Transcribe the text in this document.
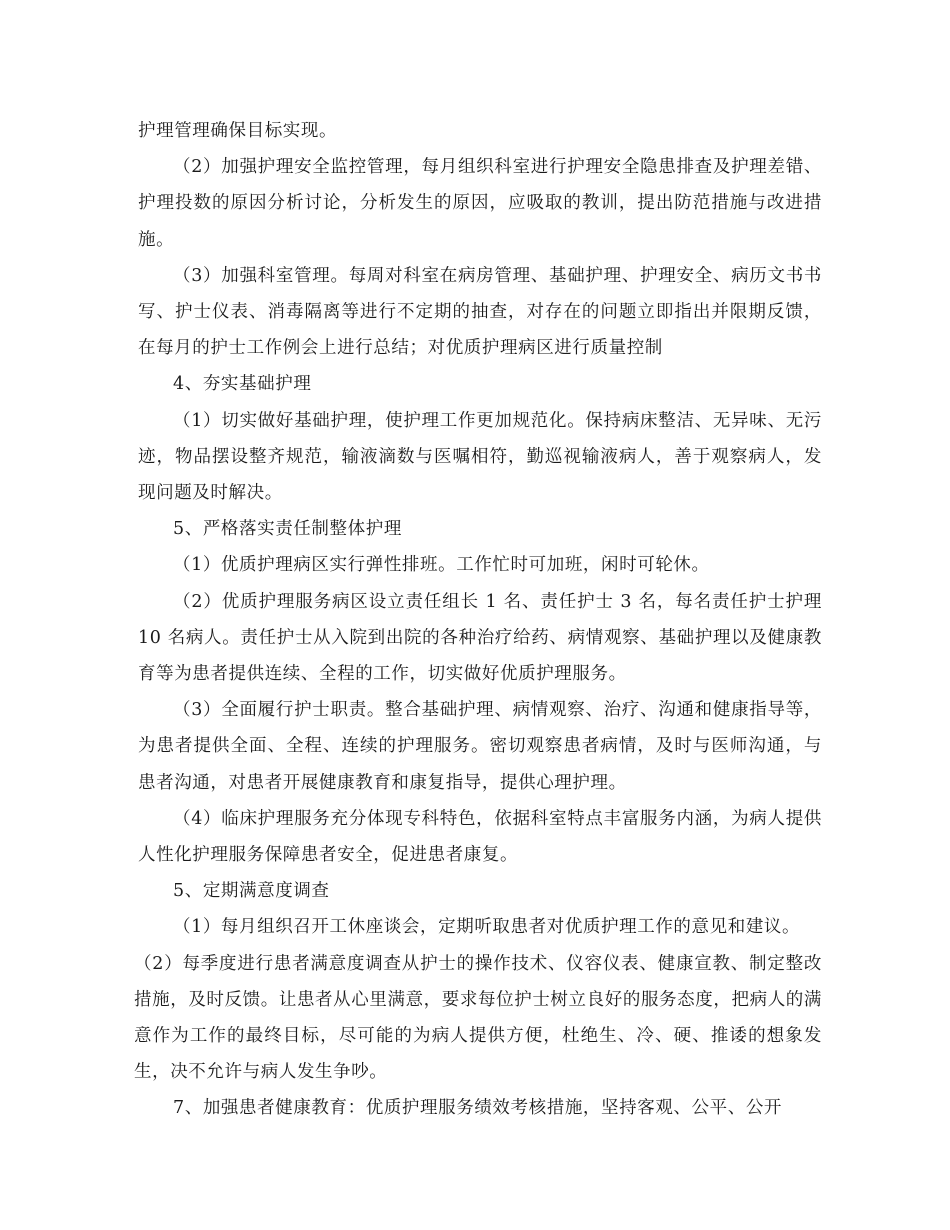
护理管理确保目标实现。

（2）加强护理安全监控管理，每月组织科室进行护理安全隐患排查及护理差错、护理投数的原因分析讨论，分析发生的原因，应吸取的教训，提出防范措施与改进措施。

（3）加强科室管理。每周对科室在病房管理、基础护理、护理安全、病历文书书写、护士仪表、消毒隔离等进行不定期的抽查，对存在的问题立即指出并限期反馈，在每月的护士工作例会上进行总结；对优质护理病区进行质量控制

4、夯实基础护理

（1）切实做好基础护理，使护理工作更加规范化。保持病床整洁、无异味、无污迹，物品摆设整齐规范，输液滴数与医嘱相符，勤巡视输液病人，善于观察病人，发现问题及时解决。

5、严格落实责任制整体护理

（1）优质护理病区实行弹性排班。工作忙时可加班，闲时可轮休。

（2）优质护理服务病区设立责任组长 1 名、责任护士 3 名，每名责任护士护理 10 名病人。责任护士从入院到出院的各种治疗给药、病情观察、基础护理以及健康教育等为患者提供连续、全程的工作，切实做好优质护理服务。

（3）全面履行护士职责。整合基础护理、病情观察、治疗、沟通和健康指导等，为患者提供全面、全程、连续的护理服务。密切观察患者病情，及时与医师沟通，与患者沟通，对患者开展健康教育和康复指导，提供心理护理。

（4）临床护理服务充分体现专科特色，依据科室特点丰富服务内涵，为病人提供人性化护理服务保障患者安全，促进患者康复。

5、定期满意度调查

（1）每月组织召开工休座谈会，定期听取患者对优质护理工作的意见和建议。

（2）每季度进行患者满意度调查从护士的操作技术、仪容仪表、健康宣教、制定整改措施，及时反馈。让患者从心里满意，要求每位护士树立良好的服务态度，把病人的满意作为工作的最终目标，尽可能的为病人提供方便，杜绝生、冷、硬、推诿的想象发生，决不允许与病人发生争吵。

7、加强患者健康教育：优质护理服务绩效考核措施，坚持客观、公平、公开
